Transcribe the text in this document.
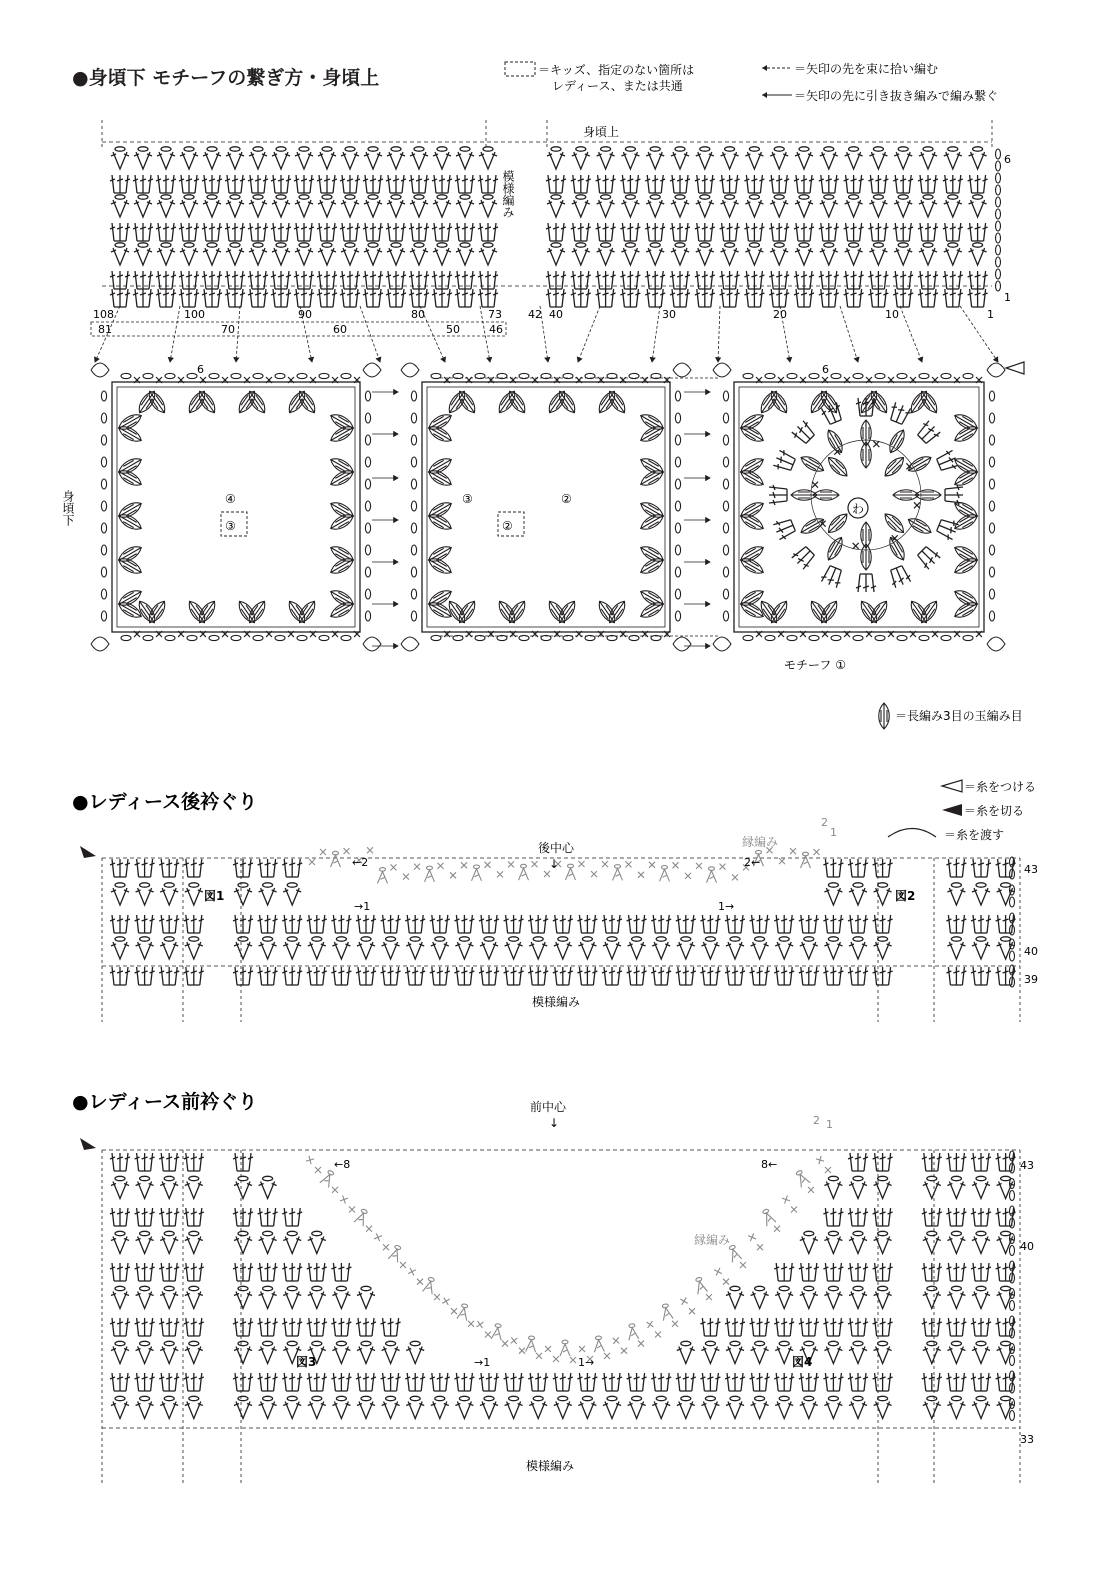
●身頃下 モチーフの繋ぎ方・身頃上	＝キッズ、指定のない箇所は
レディース、または共通
＝矢印の先を束に拾い編む
＝矢印の先に引き抜き編みで編み繋ぐ
身頃上
模様編み
6
1
108	100	90	80	73 42 40	30	20	10	1
81	70	60	50	46
身頃下	④
③
③	②
②
6	6
わ
モチーフ ①
＝長編み3目の玉編み目
●レディース後衿ぐり
＝糸をつける
＝糸を切る
＝糸を渡す
後中心
↓
縁編み
2
1
図1	図2
←2
→1
2←
1→
43
40
39
模様編み
●レディース前衿ぐり	前中心
↓
縁編み
2 1
図3	図4
←8
→1
8←
1→
43
40
33
模様編み
